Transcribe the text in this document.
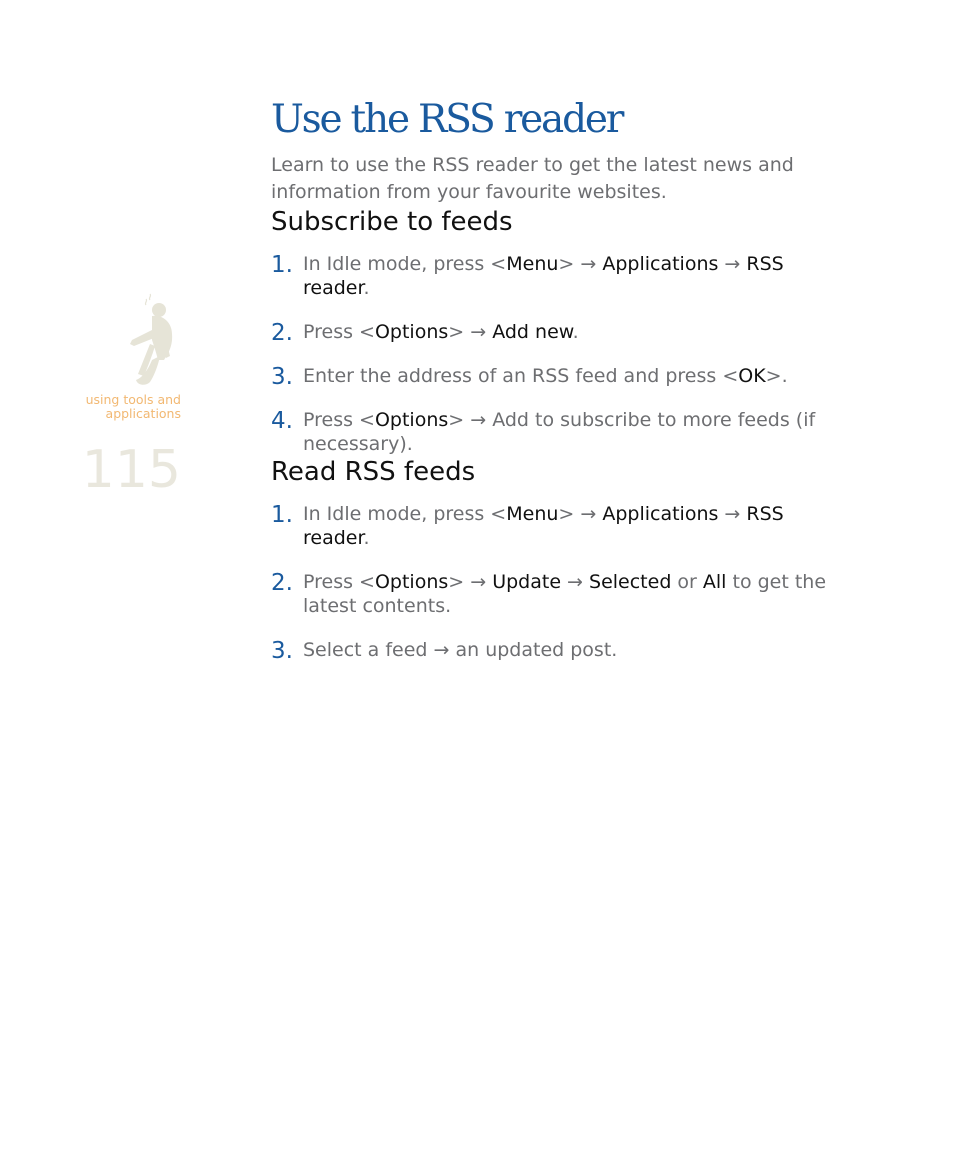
using tools and
applications
115
Use the RSS reader

Learn to use the RSS reader to get the latest news and information from your favourite websites.

Subscribe to feeds
1. In Idle mode, press <Menu> → Applications → RSS reader.
2. Press <Options> → Add new.
3. Enter the address of an RSS feed and press <OK>.
4. Press <Options> → Add to subscribe to more feeds (if necessary).
Read RSS feeds
1. In Idle mode, press <Menu> → Applications → RSS reader.
2. Press <Options> → Update → Selected or All to get the latest contents.
3. Select a feed → an updated post.
